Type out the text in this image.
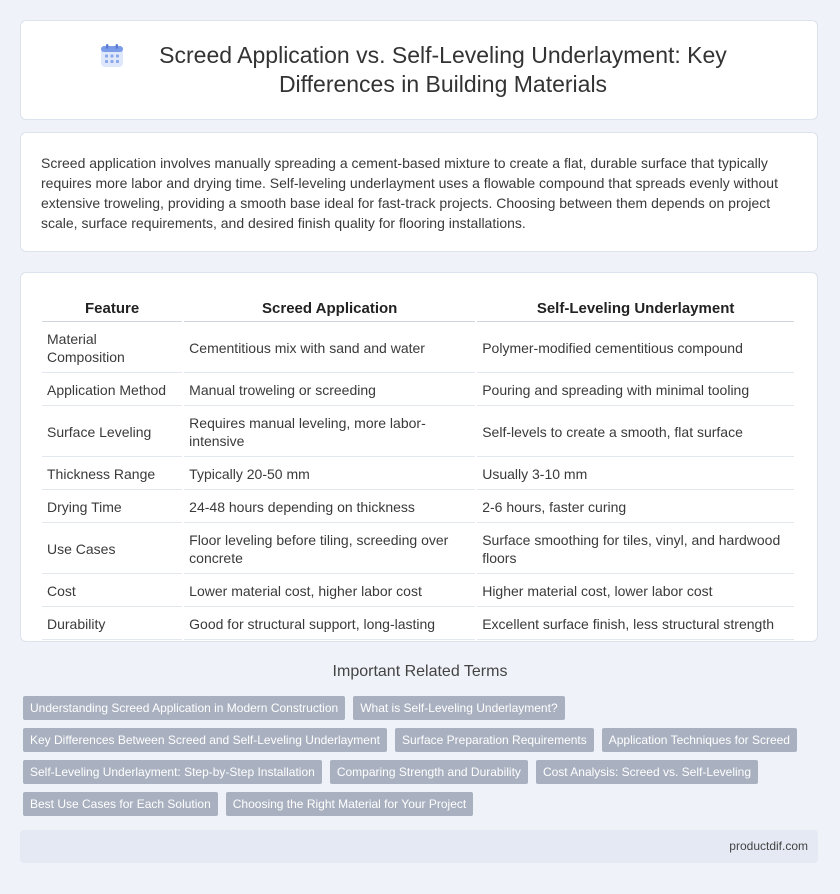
Screed Application vs. Self-Leveling Underlayment: Key Differences in Building Materials

Screed application involves manually spreading a cement-based mixture to create a flat, durable surface that typically requires more labor and drying time. Self-leveling underlayment uses a flowable compound that spreads evenly without extensive troweling, providing a smooth base ideal for fast-track projects. Choosing between them depends on project scale, surface requirements, and desired finish quality for flooring installations.

Feature	Screed Application	Self-Leveling Underlayment
Material Composition	Cementitious mix with sand and water	Polymer-modified cementitious compound
Application Method	Manual troweling or screeding	Pouring and spreading with minimal tooling
Surface Leveling	Requires manual leveling, more labor-intensive	Self-levels to create a smooth, flat surface
Thickness Range	Typically 20-50 mm	Usually 3-10 mm
Drying Time	24-48 hours depending on thickness	2-6 hours, faster curing
Use Cases	Floor leveling before tiling, screeding over concrete	Surface smoothing for tiles, vinyl, and hardwood floors
Cost	Lower material cost, higher labor cost	Higher material cost, lower labor cost
Durability	Good for structural support, long-lasting	Excellent surface finish, less structural strength
Important Related Terms
Understanding Screed Application in Modern Construction	What is Self-Leveling Underlayment?
Key Differences Between Screed and Self-Leveling Underlayment	Surface Preparation Requirements	Application Techniques for Screed
Self-Leveling Underlayment: Step-by-Step Installation	Comparing Strength and Durability	Cost Analysis: Screed vs. Self-Leveling
Best Use Cases for Each Solution	Choosing the Right Material for Your Project
productdif.com
